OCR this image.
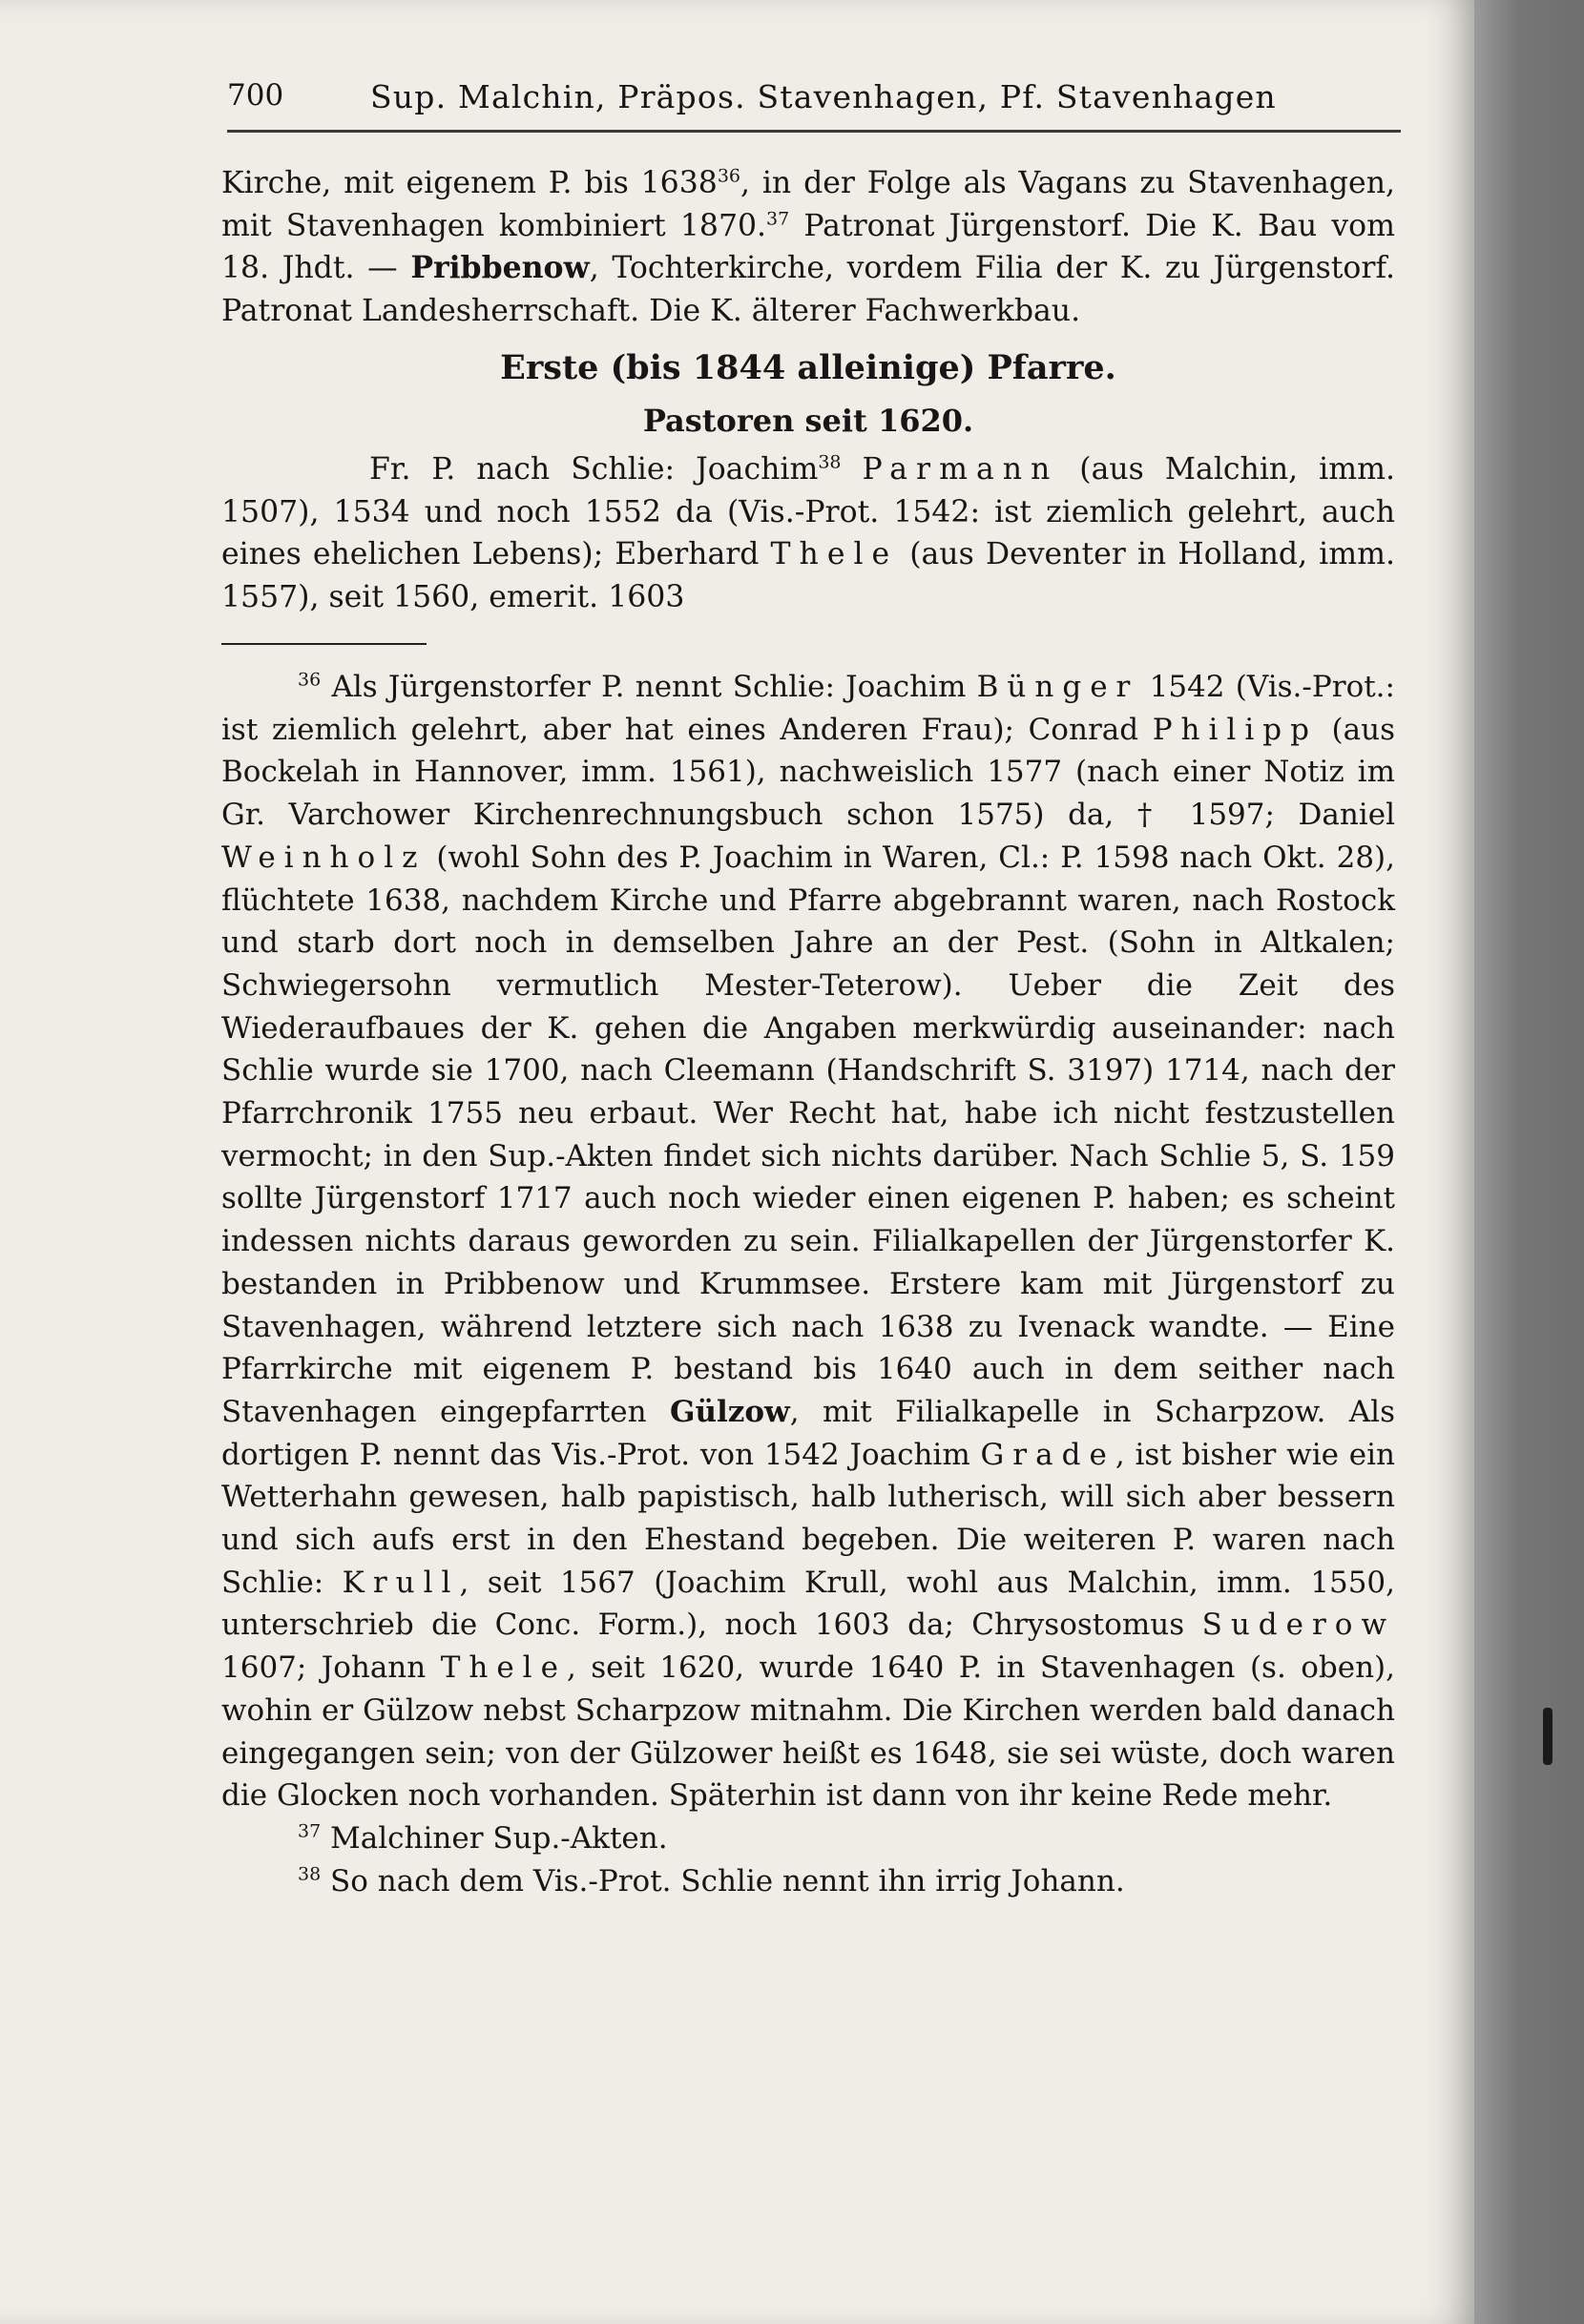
700	Sup. Malchin, Präpos. Stavenhagen, Pf. Stavenhagen

Kirche, mit eigenem P. bis 1638$^{36}$, in der Folge als Vagans zu Stavenhagen, mit Stavenhagen kombiniert 1870.37 Patronat Jürgenstorf. Die K. Bau vom 18. Jhdt. — Pribbenow, Tochterkirche, vordem Filia der K. zu Jürgenstorf. Patronat Landesherrschaft. Die K. älterer Fachwerkbau.

Erste (bis 1844 alleinige) Pfarre.

Pastoren seit 1620.

Fr. P. nach Schlie: Joachim$^{38}$ Parmann (aus Malchin, imm. 1507), 1534 und noch 1552 da (Vis.-Prot. 1542: ist ziemlich gelehrt, auch eines ehelichen Lebens); Eberhard Thele (aus Deventer in Holland, imm. 1557), seit 1560, emerit. 1603

$^{36}$ Als Jürgenstorfer P. nennt Schlie: Joachim Bünger 1542 (Vis.-Prot.: ist ziemlich gelehrt, aber hat eines Anderen Frau); Conrad Philipp (aus Bockelah in Hannover, imm. 1561), nachweislich 1577 (nach einer Notiz im Gr. Varchower Kirchenrechnungsbuch schon 1575) da, † 1597; Daniel Weinholz (wohl Sohn des P. Joachim in Waren, Cl.: P. 1598 nach Okt. 28), flüchtete 1638, nachdem Kirche und Pfarre abgebrannt waren, nach Rostock und starb dort noch in demselben Jahre an der Pest. (Sohn in Altkalen; Schwiegersohn vermutlich Mester-Teterow). Ueber die Zeit des Wiederaufbaues der K. gehen die Angaben merkwürdig auseinander: nach Schlie wurde sie 1700, nach Cleemann (Handschrift S. 3197) 1714, nach der Pfarrchronik 1755 neu erbaut. Wer Recht hat, habe ich nicht festzustellen vermocht; in den Sup.-Akten findet sich nichts darüber. Nach Schlie 5, S. 159 sollte Jürgenstorf 1717 auch noch wieder einen eigenen P. haben; es scheint indessen nichts daraus geworden zu sein. Filialkapellen der Jürgenstorfer K. bestanden in Pribbenow und Krummsee. Erstere kam mit Jürgenstorf zu Stavenhagen, während letztere sich nach 1638 zu Ivenack wandte. — Eine Pfarrkirche mit eigenem P. bestand bis 1640 auch in dem seither nach Stavenhagen eingepfarrten Gülzow, mit Filialkapelle in Scharpzow. Als dortigen P. nennt das Vis.-Prot. von 1542 Joachim Grade, ist bisher wie ein Wetterhahn gewesen, halb papistisch, halb lutherisch, will sich aber bessern und sich aufs erst in den Ehestand begeben. Die weiteren P. waren nach Schlie: Krull, seit 1567 (Joachim Krull, wohl aus Malchin, imm. 1550, unterschrieb die Conc. Form.), noch 1603 da; Chrysostomus Suderow 1607; Johann Thele, seit 1620, wurde 1640 P. in Stavenhagen (s. oben), wohin er Gülzow nebst Scharpzow mitnahm. Die Kirchen werden bald danach eingegangen sein; von der Gülzower heißt es 1648, sie sei wüste, doch waren die Glocken noch vorhanden. Späterhin ist dann von ihr keine Rede mehr.

$^{37}$ Malchiner Sup.-Akten.

$^{38}$ So nach dem Vis.-Prot. Schlie nennt ihn irrig Johann.
